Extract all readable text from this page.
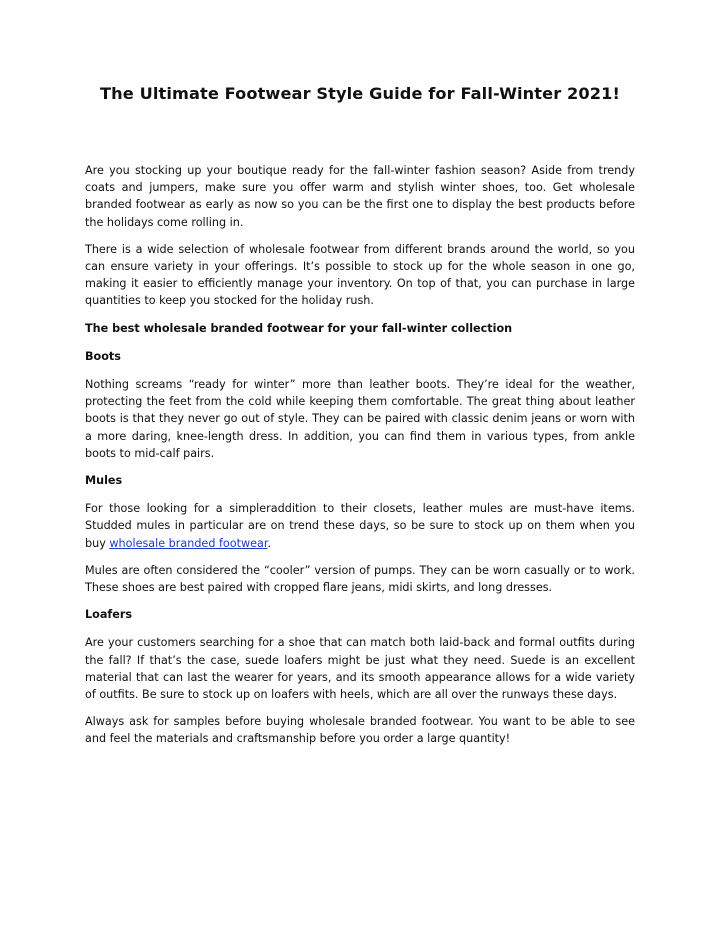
The Ultimate Footwear Style Guide for Fall-Winter 2021!

Are you stocking up your boutique ready for the fall-winter fashion season? Aside from trendy coats and jumpers, make sure you offer warm and stylish winter shoes, too. Get wholesale branded footwear as early as now so you can be the first one to display the best products before the holidays come rolling in.

There is a wide selection of wholesale footwear from different brands around the world, so you can ensure variety in your offerings. It’s possible to stock up for the whole season in one go, making it easier to efficiently manage your inventory. On top of that, you can purchase in large quantities to keep you stocked for the holiday rush.

The best wholesale branded footwear for your fall-winter collection

Boots

Nothing screams “ready for winter” more than leather boots. They’re ideal for the weather, protecting the feet from the cold while keeping them comfortable. The great thing about leather boots is that they never go out of style. They can be paired with classic denim jeans or worn with a more daring, knee-length dress. In addition, you can find them in various types, from ankle boots to mid-calf pairs.

Mules

For those looking for a simpleraddition to their closets, leather mules are must-have items. Studded mules in particular are on trend these days, so be sure to stock up on them when you buy wholesale branded footwear.

Mules are often considered the “cooler” version of pumps. They can be worn casually or to work. These shoes are best paired with cropped flare jeans, midi skirts, and long dresses.

Loafers

Are your customers searching for a shoe that can match both laid-back and formal outfits during the fall? If that’s the case, suede loafers might be just what they need. Suede is an excellent material that can last the wearer for years, and its smooth appearance allows for a wide variety of outfits. Be sure to stock up on loafers with heels, which are all over the runways these days.

Always ask for samples before buying wholesale branded footwear. You want to be able to see and feel the materials and craftsmanship before you order a large quantity!
